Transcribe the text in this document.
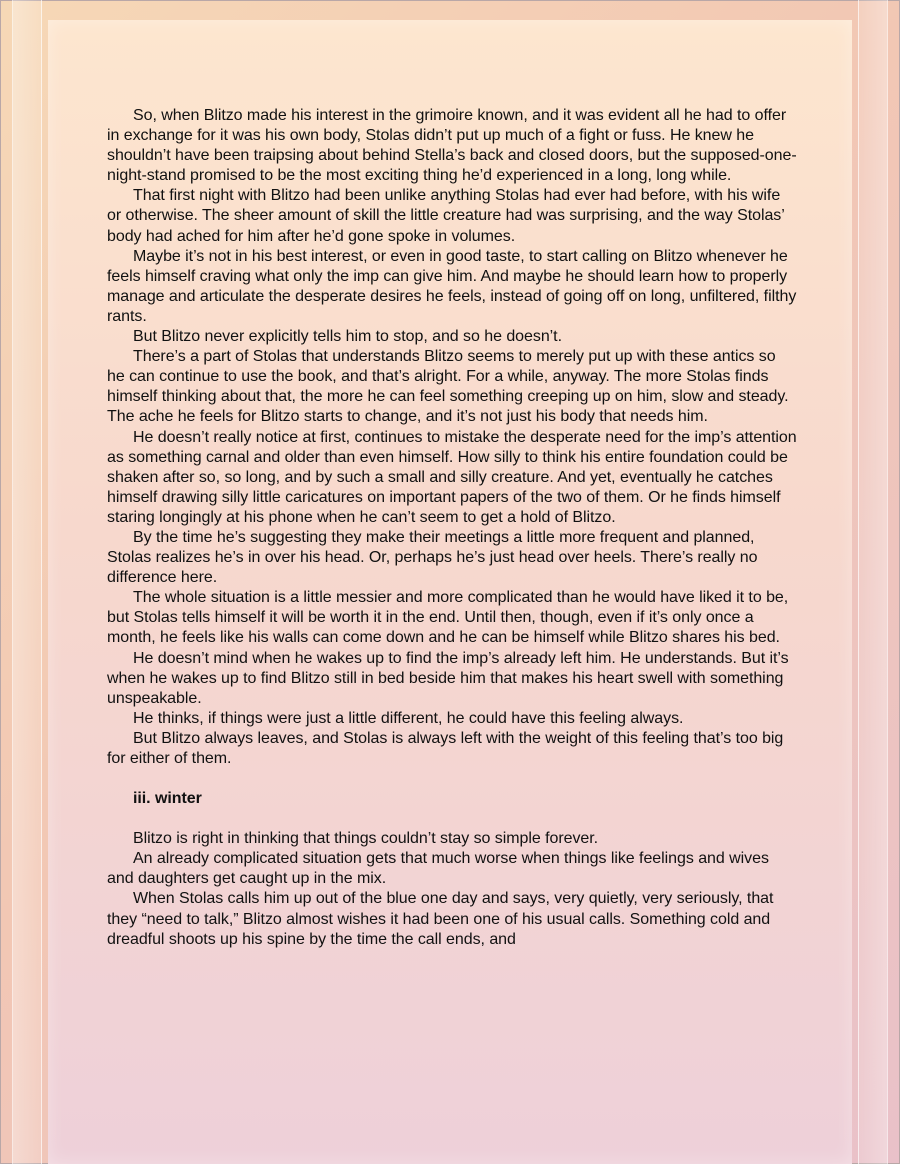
So, when Blitzo made his interest in the grimoire known, and it was evident all he had to offer in exchange for it was his own body, Stolas didn’t put up much of a fight or fuss. He knew he shouldn’t have been traipsing about behind Stella’s back and closed doors, but the supposed-one-night-stand promised to be the most exciting thing he’d experienced in a long, long while.

That first night with Blitzo had been unlike anything Stolas had ever had before, with his wife or otherwise. The sheer amount of skill the little creature had was surprising, and the way Stolas’ body had ached for him after he’d gone spoke in volumes.

Maybe it’s not in his best interest, or even in good taste, to start calling on Blitzo whenever he feels himself craving what only the imp can give him. And maybe he should learn how to properly manage and articulate the desperate desires he feels, instead of going off on long, unfiltered, filthy rants.

But Blitzo never explicitly tells him to stop, and so he doesn’t.

There’s a part of Stolas that understands Blitzo seems to merely put up with these antics so he can continue to use the book, and that’s alright. For a while, anyway. The more Stolas finds himself thinking about that, the more he can feel something creeping up on him, slow and steady. The ache he feels for Blitzo starts to change, and it’s not just his body that needs him.

He doesn’t really notice at first, continues to mistake the desperate need for the imp’s attention as something carnal and older than even himself. How silly to think his entire foundation could be shaken after so, so long, and by such a small and silly creature. And yet, eventually he catches himself drawing silly little caricatures on important papers of the two of them. Or he finds himself staring longingly at his phone when he can’t seem to get a hold of Blitzo.

By the time he’s suggesting they make their meetings a little more frequent and planned, Stolas realizes he’s in over his head. Or, perhaps he’s just head over heels. There’s really no difference here.

The whole situation is a little messier and more complicated than he would have liked it to be, but Stolas tells himself it will be worth it in the end. Until then, though, even if it’s only once a month, he feels like his walls can come down and he can be himself while Blitzo shares his bed.

He doesn’t mind when he wakes up to find the imp’s already left him. He understands. But it’s when he wakes up to find Blitzo still in bed beside him that makes his heart swell with something unspeakable.

He thinks, if things were just a little different, he could have this feeling always.

But Blitzo always leaves, and Stolas is always left with the weight of this feeling that’s too big for either of them.

iii. winter

Blitzo is right in thinking that things couldn’t stay so simple forever.

An already complicated situation gets that much worse when things like feelings and wives and daughters get caught up in the mix.

When Stolas calls him up out of the blue one day and says, very quietly, very seriously, that they “need to talk,” Blitzo almost wishes it had been one of his usual calls. Something cold and dreadful shoots up his spine by the time the call ends, and
